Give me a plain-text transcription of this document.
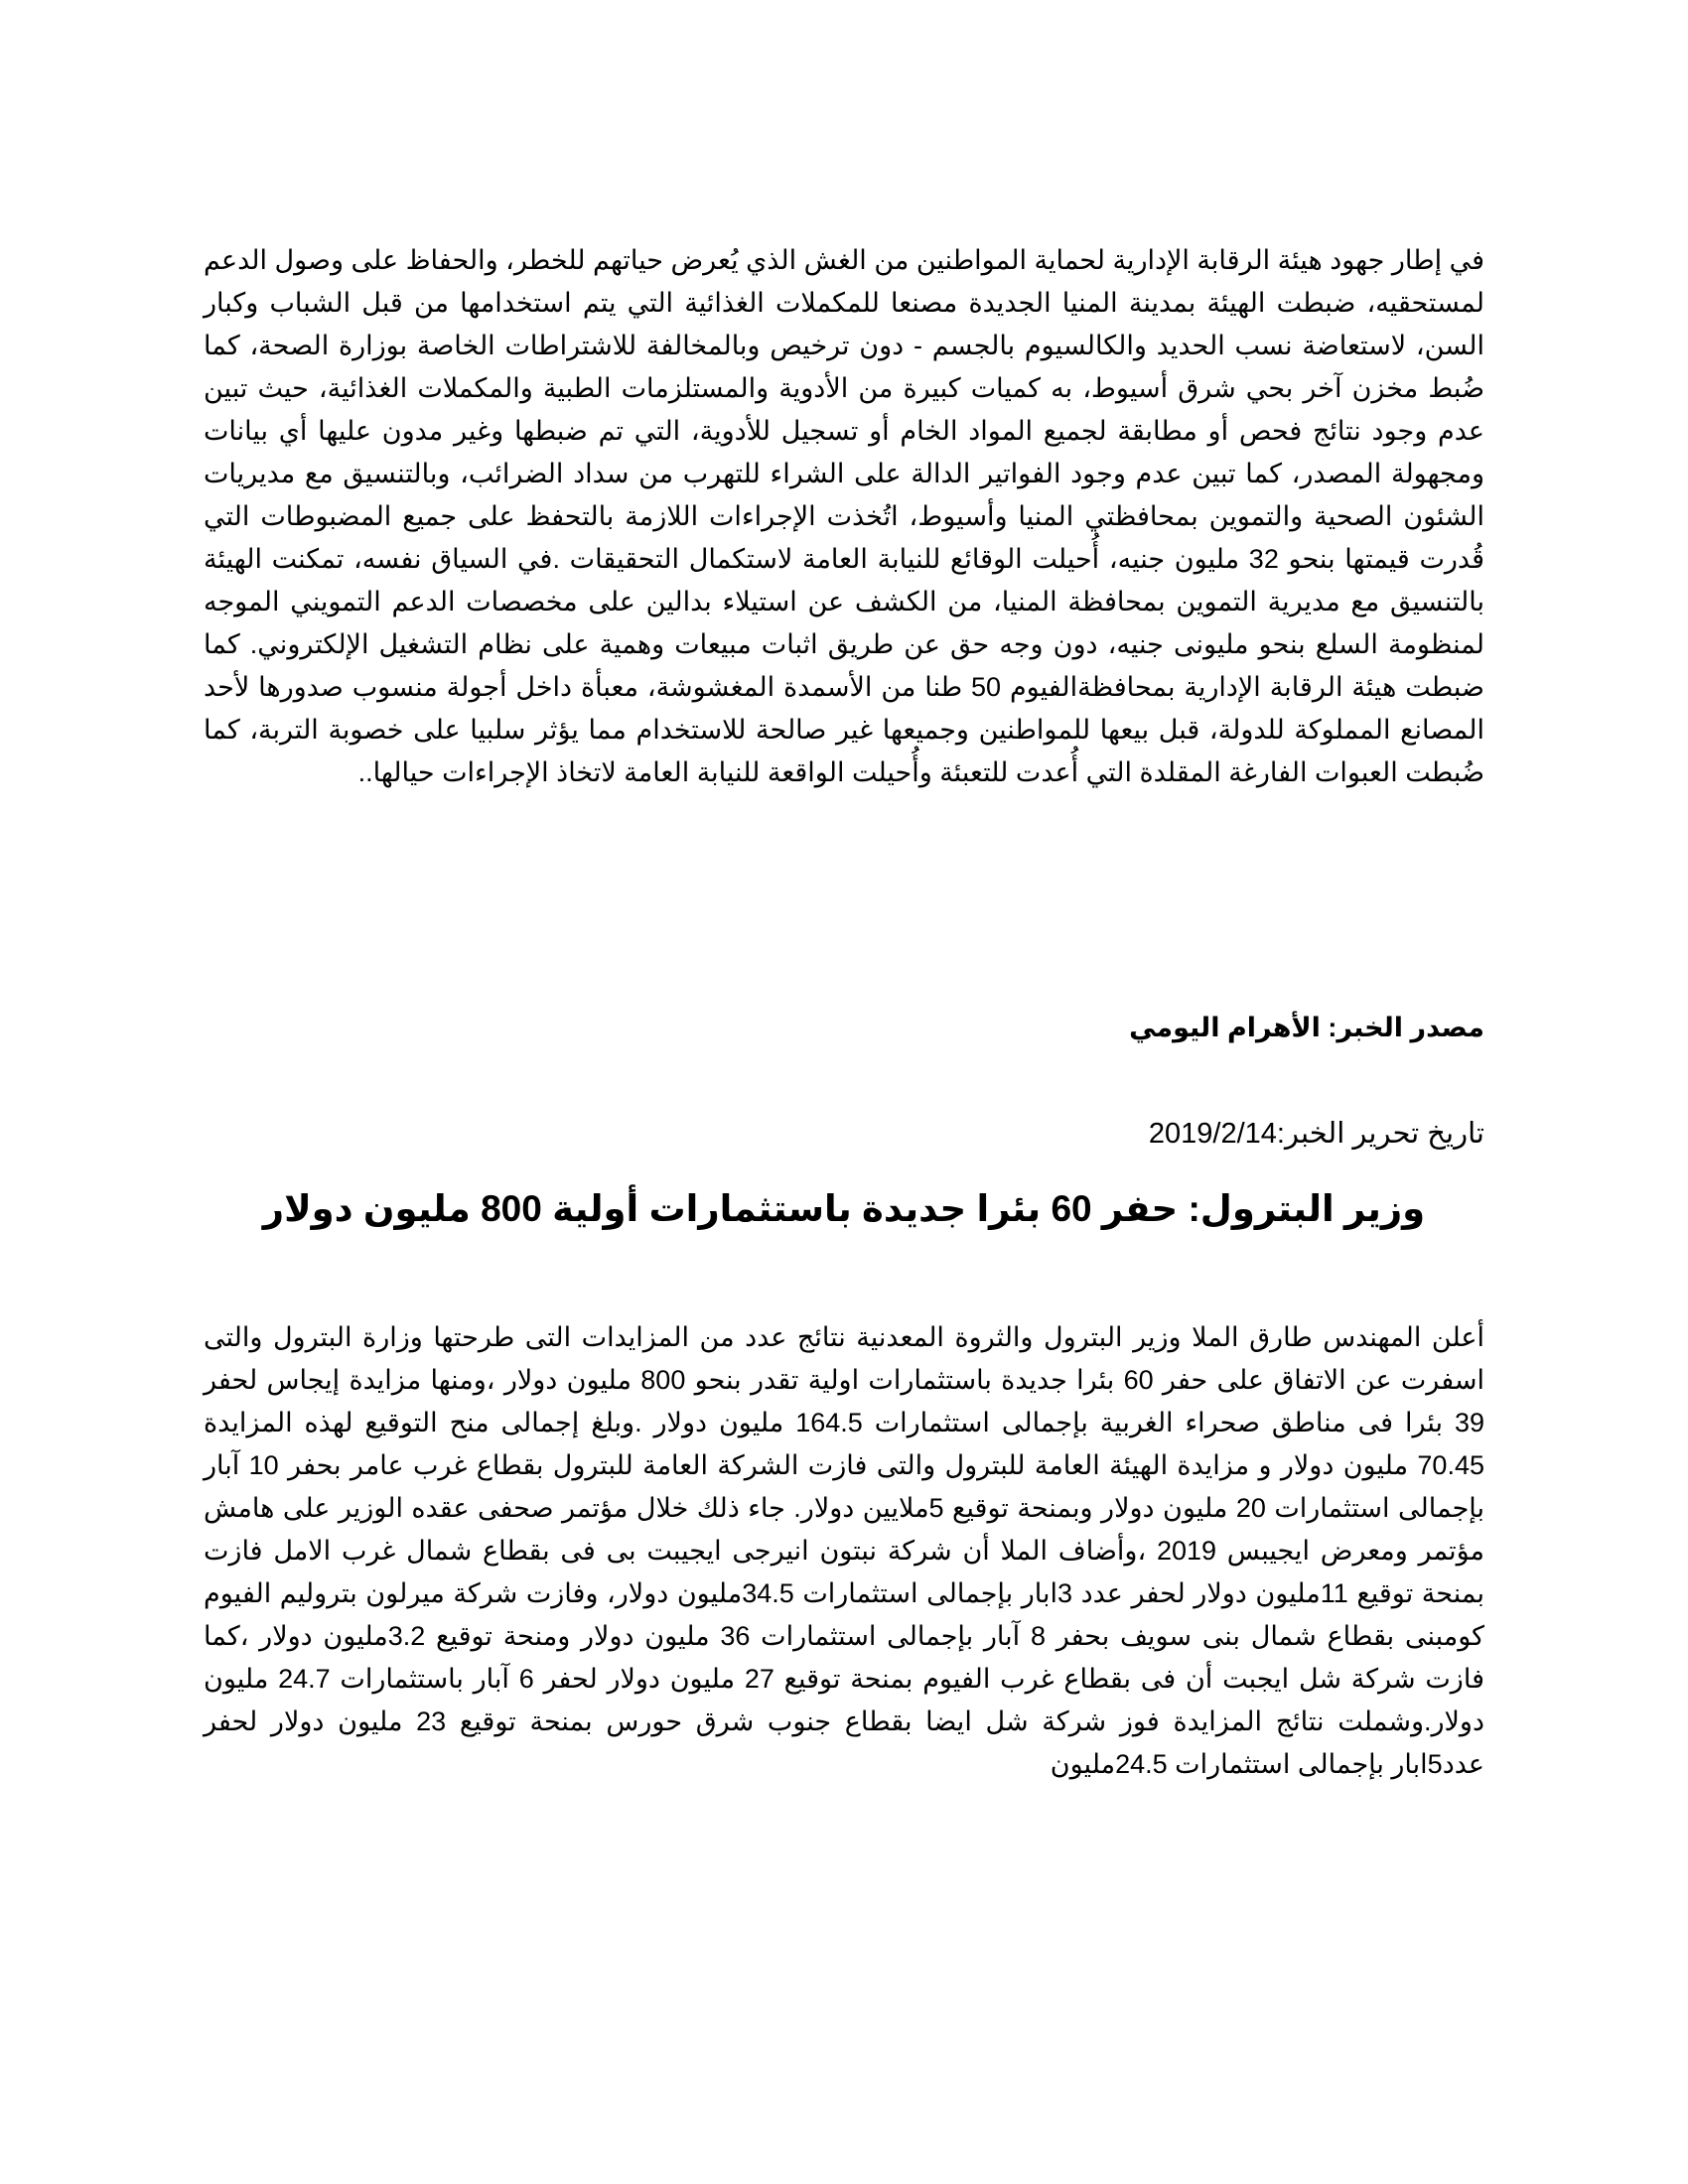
في إطار جهود هيئة الرقابة الإدارية لحماية المواطنين من الغش الذي يُعرض حياتهم للخطر، والحفاظ على وصول الدعم لمستحقيه، ضبطت الهيئة بمدينة المنيا الجديدة مصنعا للمكملات الغذائية التي يتم استخدامها من قبل الشباب وكبار السن، لاستعاضة نسب الحديد والكالسيوم بالجسم - دون ترخيص وبالمخالفة للاشتراطات الخاصة بوزارة الصحة، كما ضُبط مخزن آخر بحي شرق أسيوط، به كميات كبيرة من الأدوية والمستلزمات الطبية والمكملات الغذائية، حيث تبين عدم وجود نتائج فحص أو مطابقة لجميع المواد الخام أو تسجيل للأدوية، التي تم ضبطها وغير مدون عليها أي بيانات ومجهولة المصدر، كما تبين عدم وجود الفواتير الدالة على الشراء للتهرب من سداد الضرائب، وبالتنسيق مع مديريات الشئون الصحية والتموين بمحافظتي المنيا وأسيوط، اتُخذت الإجراءات اللازمة بالتحفظ على جميع المضبوطات التي قُدرت قيمتها بنحو 32 مليون جنيه، أُحيلت الوقائع للنيابة العامة لاستكمال التحقيقات .في السياق نفسه، تمكنت الهيئة بالتنسيق مع مديرية التموين بمحافظة المنيا، من الكشف عن استيلاء بدالين على مخصصات الدعم التمويني الموجه لمنظومة السلع بنحو مليونى جنيه، دون وجه حق عن طريق اثبات مبيعات وهمية على نظام التشغيل الإلكتروني. كما ضبطت هيئة الرقابة الإدارية بمحافظةالفيوم 50 طنا من الأسمدة المغشوشة، معبأة داخل أجولة منسوب صدورها لأحد المصانع المملوكة للدولة، قبل بيعها للمواطنين وجميعها غير صالحة للاستخدام مما يؤثر سلبيا على خصوبة التربة، كما ضُبطت العبوات الفارغة المقلدة التي أُعدت للتعبئة وأُحيلت الواقعة للنيابة العامة لاتخاذ الإجراءات حيالها..

مصدر الخبر: الأهرام اليومي

تاريخ تحرير الخبر:2019/2/14

وزير البترول: حفر 60 بئرا جديدة باستثمارات أولية 800 مليون دولار

أعلن المهندس طارق الملا وزير البترول والثروة المعدنية نتائج عدد من المزايدات التى طرحتها وزارة البترول والتى اسفرت عن الاتفاق على حفر 60 بئرا جديدة باستثمارات اولية تقدر بنحو 800 مليون دولار ،ومنها مزايدة إيجاس لحفر 39 بئرا فى مناطق صحراء الغربية بإجمالى استثمارات 164.5 مليون دولار .وبلغ إجمالى منح التوقيع لهذه المزايدة 70.45 مليون دولار و مزايدة الهيئة العامة للبترول والتى فازت الشركة العامة للبترول بقطاع غرب عامر بحفر 10 آبار بإجمالى استثمارات 20 مليون دولار وبمنحة توقيع 5ملايين دولار. جاء ذلك خلال مؤتمر صحفى عقده الوزير على هامش مؤتمر ومعرض ايجيبس 2019 ،وأضاف الملا أن شركة نبتون انيرجى ايجيبت بى فى بقطاع شمال غرب الامل فازت بمنحة توقيع 11مليون دولار لحفر عدد 3ابار بإجمالى استثمارات 34.5مليون دولار، وفازت شركة ميرلون بتروليم الفيوم كومبنى بقطاع شمال بنى سويف بحفر 8 آبار بإجمالى استثمارات 36 مليون دولار ومنحة توقيع 3.2مليون دولار ،كما فازت شركة شل ايجبت أن فى بقطاع غرب الفيوم بمنحة توقيع 27 مليون دولار لحفر 6 آبار باستثمارات 24.7 مليون دولار.وشملت نتائج المزايدة فوز شركة شل ايضا بقطاع جنوب شرق حورس بمنحة توقيع 23 مليون دولار لحفر عدد5ابار بإجمالى استثمارات 24.5مليون
